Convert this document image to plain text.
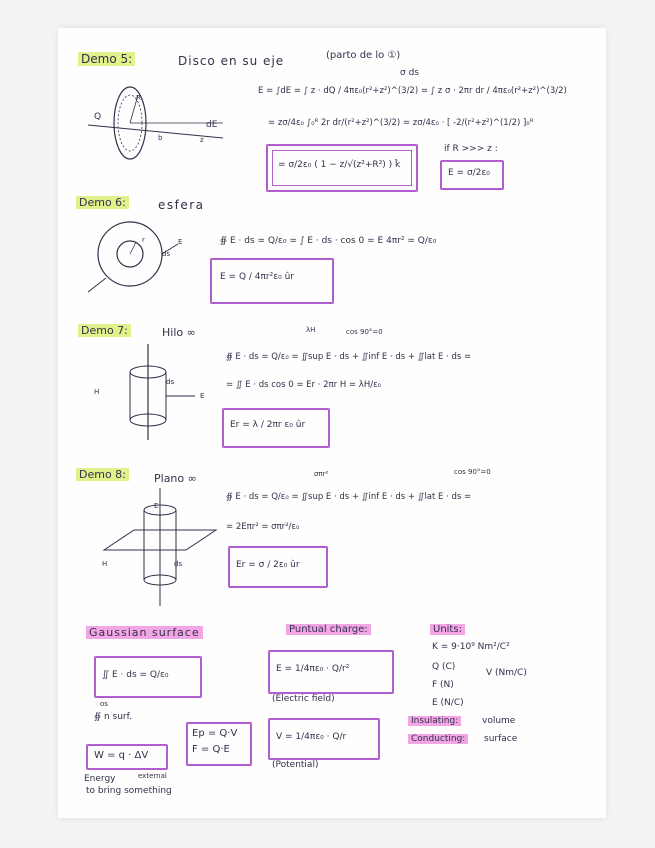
Demo 5:	Disco en su eje	(parto de lo ①)
σ ds
Q
dE
R
b	z
E = ∫dE = ∫ z · dQ / 4πε₀(r²+z²)^(3/2) = ∫ z σ · 2πr dr / 4πε₀(r²+z²)^(3/2)
= zσ/4ε₀ ∫₀ᴿ 2r dr/(r²+z²)^(3/2) = zσ/4ε₀ · [ -2/(r²+z²)^(1/2) ]₀ᴿ
= σ/2ε₀ ( 1 − z/√(z²+R²) ) k̂
if R >>> z :
E = σ/2ε₀
Demo 6:	esfera
E
ds
r	∯ E · ds = Q/ε₀ = ∫ E · ds · cos 0 = E 4πr² = Q/ε₀
E = Q / 4πr²ε₀ ûr
Demo 7:	Hilo ∞	λH	cos 90°=0
H
ds
E
∯ E · ds = Q/ε₀ = ∬sup E · ds + ∬inf E · ds + ∬lat E · ds =
= ∬ E · ds cos 0 = Er · 2πr H = λH/ε₀
Er = λ / 2πr ε₀ ûr
Demo 8:	Plano ∞	σπr²	cos 90°=0
H	ds
E
∯ E · ds = Q/ε₀ = ∬sup E · ds + ∬inf E · ds + ∬lat E · ds =
= 2Eπr² = σπr²/ε₀
Er = σ / 2ε₀ ûr
Gaussian surface
∬ E · ds = Q/ε₀
os
∯ n surf.
W = q · ΔV
Energy	external
to bring something
Ep = Q·V
F = Q·E
Puntual charge:
E = 1/4πε₀ · Q/r²
(Electric field)
V = 1/4πε₀ · Q/r
(Potential)
Units:
K = 9·10⁹ Nm²/C²
Q (C)
V (Nm/C)
F (N)
E (N/C)
Insulating:	volume
Conducting:	surface
